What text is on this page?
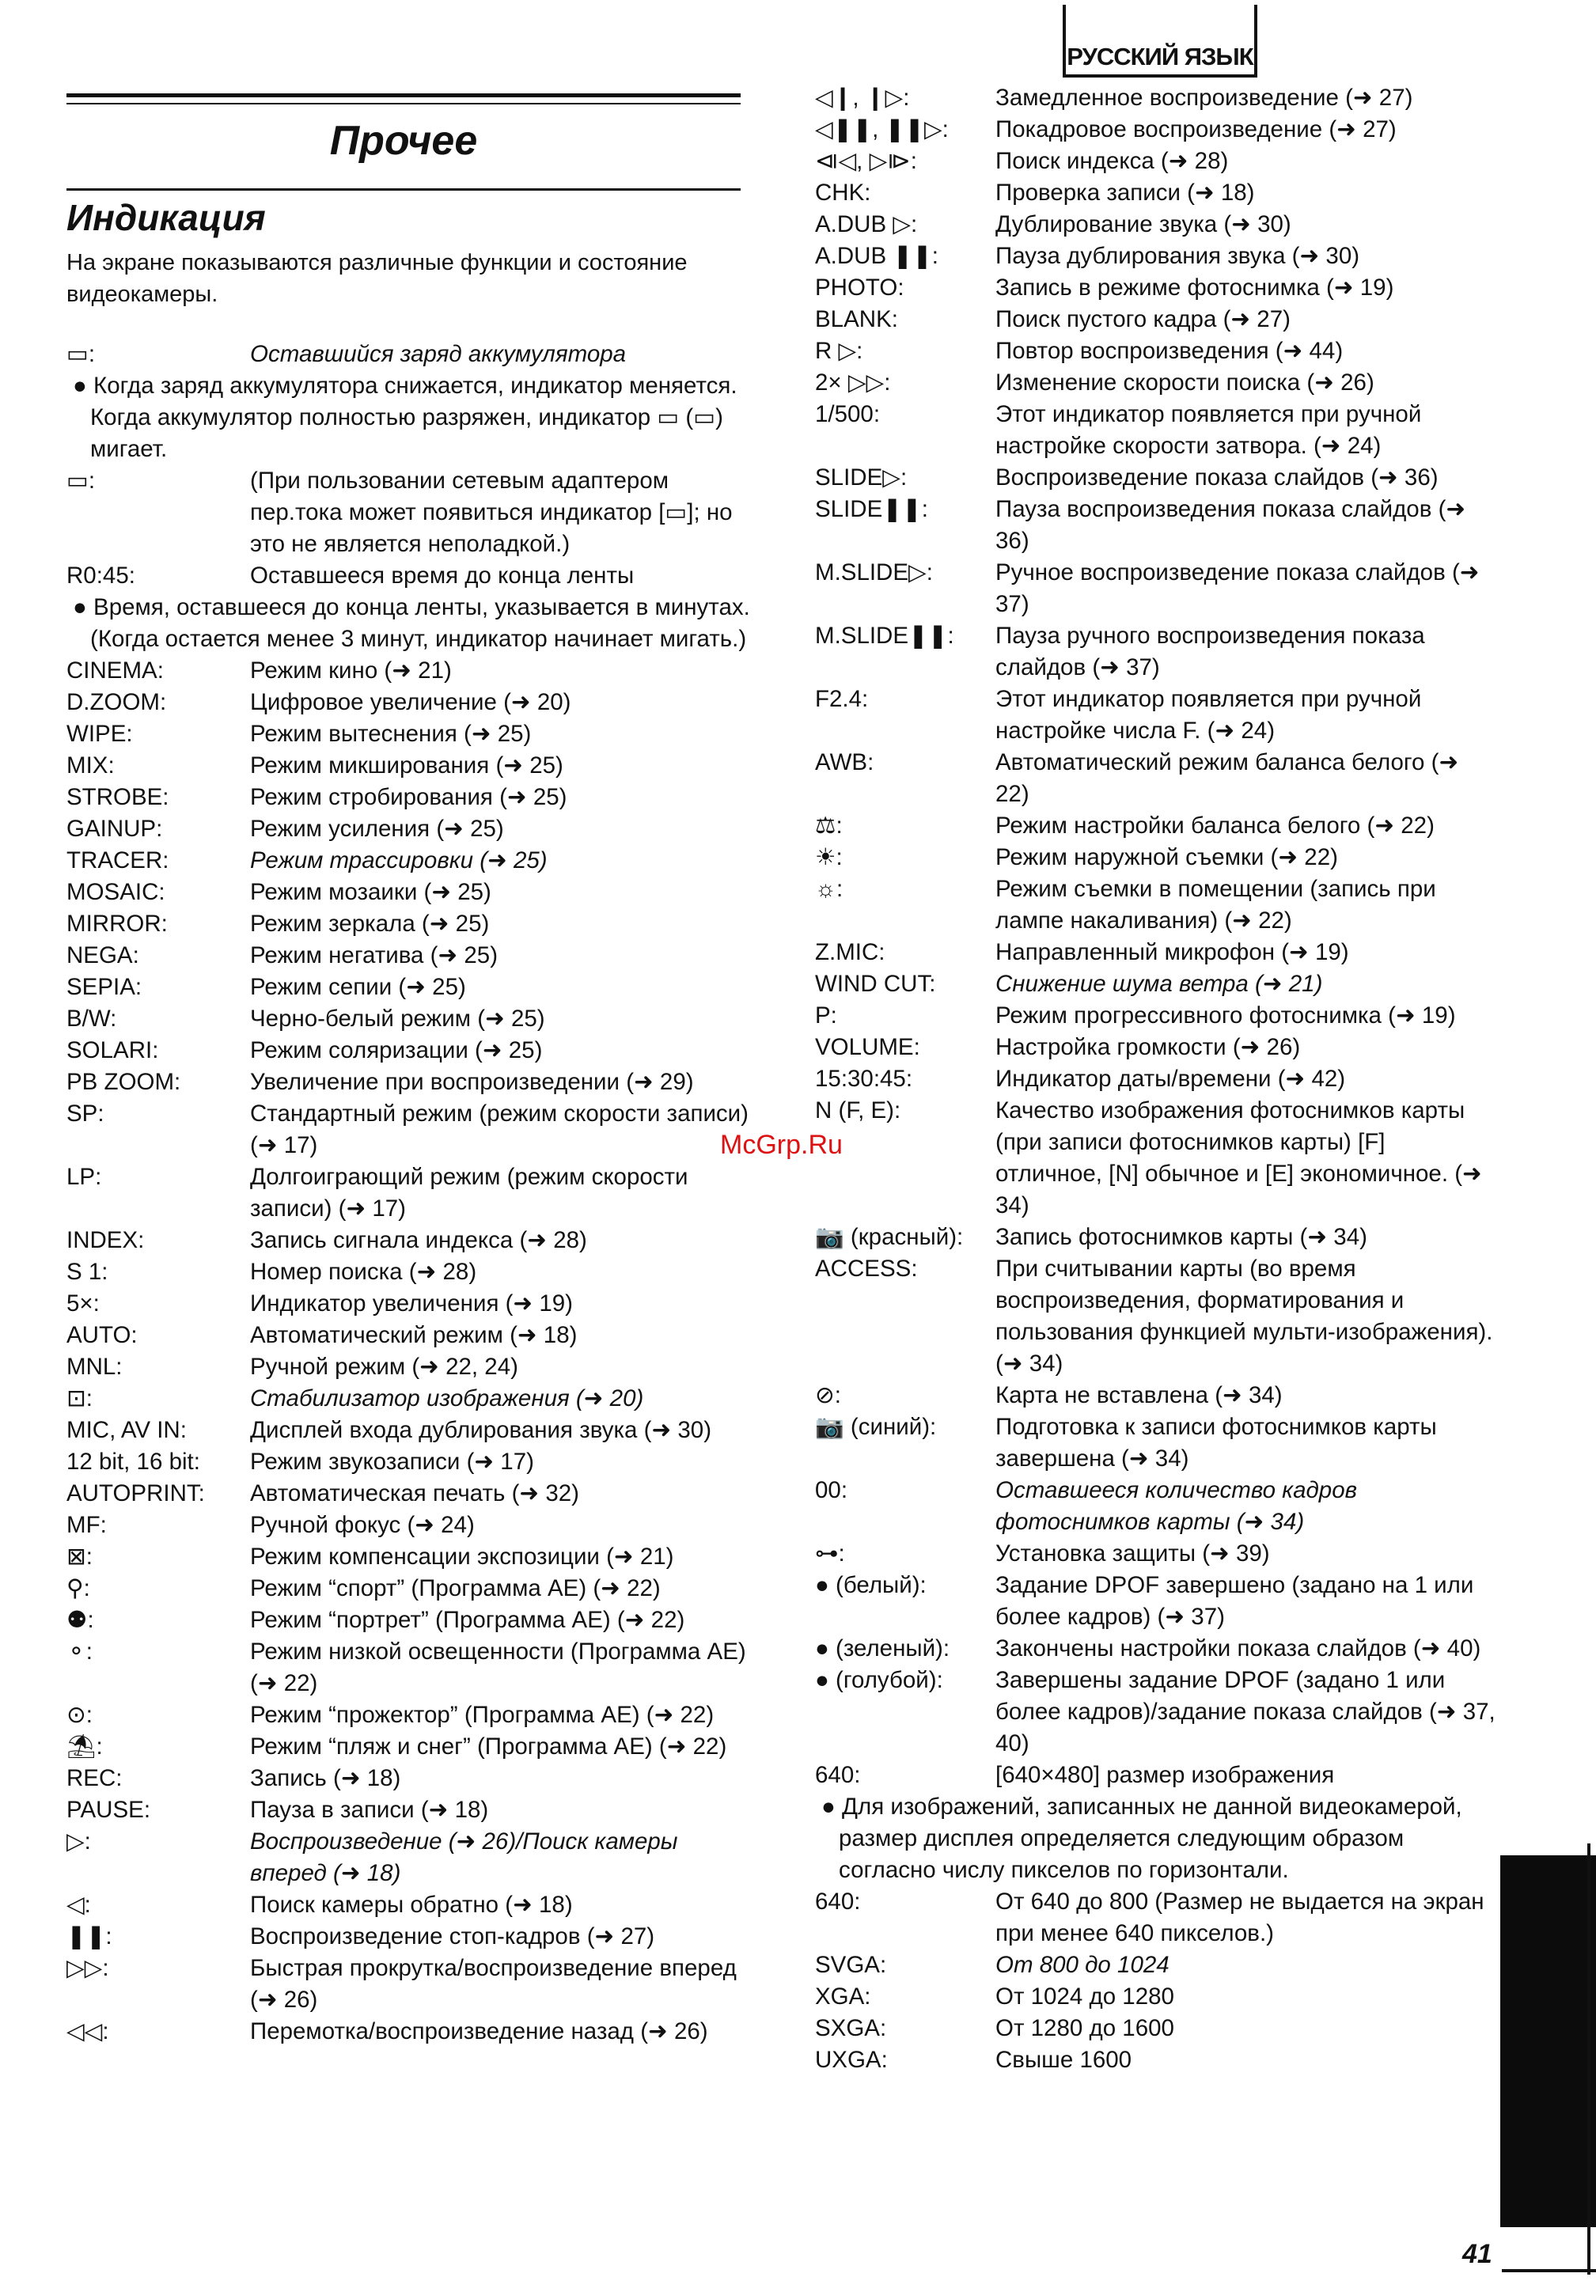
РУССКИЙ ЯЗЫК
Прочее
Индикация
На экране показываются различные функции и состояние видеокамеры.
▭:	Оставшийся заряд аккумулятора
● Когда заряд аккумулятора снижается, индикатор меняется. Когда аккумулятор полностью разряжен, индикатор ▭ (▭) мигает.
▭:	(При пользовании сетевым адаптером пер.тока может появиться индикатор [▭]; но это не является неполадкой.)
R0:45:	Оставшееся время до конца ленты
● Время, оставшееся до конца ленты, указывается в минутах. (Когда остается менее 3 минут, индикатор начинает мигать.)
CINEMA:	Режим кино (➜ 21)
D.ZOOM:	Цифровое увеличение (➜ 20)
WIPE:	Режим вытеснения (➜ 25)
MIX:	Режим микширования (➜ 25)
STROBE:	Режим стробирования (➜ 25)
GAINUP:	Режим усиления (➜ 25)
TRACER:	Режим трассировки (➜ 25)
MOSAIC:	Режим мозаики (➜ 25)
MIRROR:	Режим зеркала (➜ 25)
NEGA:	Режим негатива (➜ 25)
SEPIA:	Режим сепии (➜ 25)
B/W:	Черно-белый режим (➜ 25)
SOLARI:	Режим соляризации (➜ 25)
PB ZOOM:	Увеличение при воспроизведении (➜ 29)
SP:	Стандартный режим (режим скорости записи) (➜ 17)
LP:	Долгоиграющий режим (режим скорости записи) (➜ 17)
INDEX:	Запись сигнала индекса (➜ 28)
S 1:	Номер поиска (➜ 28)
5×:	Индикатор увеличения (➜ 19)
AUTO:	Автоматический режим (➜ 18)
MNL:	Ручной режим (➜ 22, 24)
⊡:	Стабилизатор изображения (➜ 20)
MIC, AV IN:	Дисплей входа дублирования звука (➜ 30)
12 bit, 16 bit:	Режим звукозаписи (➜ 17)
AUTOPRINT:	Автоматическая печать (➜ 32)
MF:	Ручной фокус (➜ 24)
⊠:	Режим компенсации экспозиции (➜ 21)
⚲:	Режим “спорт” (Программа AE) (➜ 22)
⚉:	Режим “портрет” (Программа AE) (➜ 22)
⚬:	Режим низкой освещенности (Программа AE) (➜ 22)
⊙:	Режим “прожектор” (Программа AE) (➜ 22)
⛱:	Режим “пляж и снег” (Программа AE) (➜ 22)
REC:	Запись (➜ 18)
PAUSE:	Пауза в записи (➜ 18)
▷:	Воспроизведение (➜ 26)/Поиск камеры вперед (➜ 18)
◁:	Поиск камеры обратно (➜ 18)
❚❚:	Воспроизведение стоп-кадров (➜ 27)
▷▷:	Быстрая прокрутка/воспроизведение вперед (➜ 26)
◁◁:	Перемотка/воспроизведение назад (➜ 26)
◁❙, ❙▷:	Замедленное воспроизведение (➜ 27)
◁❚❚, ❚❚▷:	Покадровое воспроизведение (➜ 27)
⧏◁, ▷⧐:	Поиск индекса (➜ 28)
CHK:	Проверка записи (➜ 18)
A.DUB ▷:	Дублирование звука (➜ 30)
A.DUB ❚❚:	Пауза дублирования звука (➜ 30)
PHOTO:	Запись в режиме фотоснимка (➜ 19)
BLANK:	Поиск пустого кадра (➜ 27)
R ▷:	Повтор воспроизведения (➜ 44)
2× ▷▷:	Изменение скорости поиска (➜ 26)
1/500:	Этот индикатор появляется при ручной настройке скорости затвора. (➜ 24)
SLIDE▷:	Воспроизведение показа слайдов (➜ 36)
SLIDE❚❚:	Пауза воспроизведения показа слайдов (➜ 36)
M.SLIDE▷:	Ручное воспроизведение показа слайдов (➜ 37)
M.SLIDE❚❚:	Пауза ручного воспроизведения показа слайдов (➜ 37)
F2.4:	Этот индикатор появляется при ручной настройке числа F. (➜ 24)
AWB:	Автоматический режим баланса белого (➜ 22)
⚖:	Режим настройки баланса белого (➜ 22)
☀:	Режим наружной съемки (➜ 22)
☼:	Режим съемки в помещении (запись при лампе накаливания) (➜ 22)
Z.MIC:	Направленный микрофон (➜ 19)
WIND CUT:	Снижение шума ветра (➜ 21)
P:	Режим прогрессивного фотоснимка (➜ 19)
VOLUME:	Настройка громкости (➜ 26)
15:30:45:	Индикатор даты/времени (➜ 42)
N (F, E):	Качество изображения фотоснимков карты (при записи фотоснимков карты) [F] отличное, [N] обычное и [E] экономичное. (➜ 34)
📷 (красный):	Запись фотоснимков карты (➜ 34)
ACCESS:	При считывании карты (во время воспроизведения, форматирования и пользования функцией мульти-изображения). (➜ 34)
⊘:	Карта не вставлена (➜ 34)
📷 (синий):	Подготовка к записи фотоснимков карты завершена (➜ 34)
00:	Оставшееся количество кадров фотоснимков карты (➜ 34)
⊶:	Установка защиты (➜ 39)
● (белый):	Задание DPOF завершено (задано на 1 или более кадров) (➜ 37)
● (зеленый):	Закончены настройки показа слайдов (➜ 40)
● (голубой):	Завершены задание DPOF (задано 1 или более кадров)/задание показа слайдов (➜ 37, 40)
640:	[640×480] размер изображения
● Для изображений, записанных не данной видеокамерой, размер дисплея определяется следующим образом согласно числу пикселов по горизонтали.
640:	От 640 до 800 (Размер не выдается на экран при менее 640 пикселов.)
SVGA:	От 800 до 1024
XGA:	От 1024 до 1280
SXGA:	От 1280 до 1600
UXGA:	Свыше 1600
McGrp.Ru
41
